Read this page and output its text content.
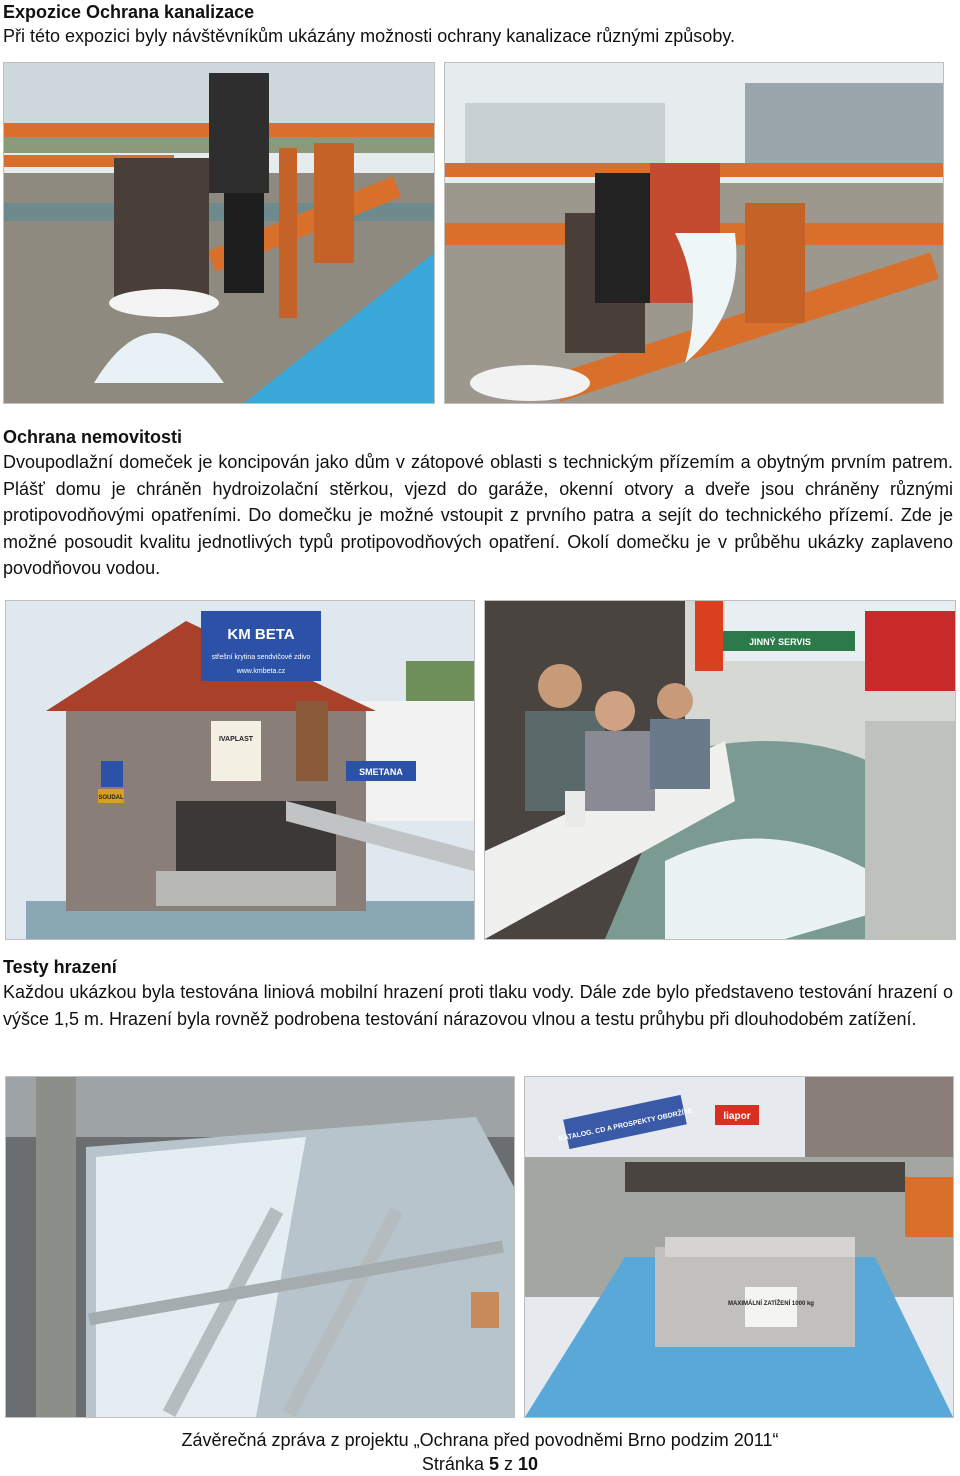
Expozice Ochrana kanalizace
Při této expozici byly návštěvníkům ukázány možnosti ochrany kanalizace různými způsoby.
Ochrana nemovitosti
Dvoupodlažní domeček je koncipován jako dům v zátopové oblasti s technickým přízemím a obytným prvním patrem. Plášť domu je chráněn hydroizolační stěrkou, vjezd do garáže, okenní otvory a dveře jsou chráněny různými protipovodňovými opatřeními. Do domečku je možné vstoupit z prvního patra a sejít do technického přízemí. Zde je možné posoudit kvalitu jednotlivých typů protipovodňových opatření. Okolí domečku je v průběhu ukázky zaplaveno povodňovou vodou.
KM BETA
střešní krytina sendvičové zdivo
www.kmbeta.cz
IVAPLAST
SMETANA
SOUDAL
JINNÝ SERVIS
Testy hrazení
Každou ukázkou byla testována liniová mobilní hrazení proti tlaku vody. Dále zde bylo představeno testování hrazení o výšce 1,5 m. Hrazení byla rovněž podrobena testování nárazovou vlnou a testu průhybu při dlouhodobém zatížení.
KATALOG. CD A PROSPEKTY OBDRŽÍTE	liapor
MAXIMÁLNÍ ZATÍŽENÍ 1000 kg
Závěrečná zpráva z projektu „Ochrana před povodněmi Brno podzim 2011“
Stránka 5 z 10
